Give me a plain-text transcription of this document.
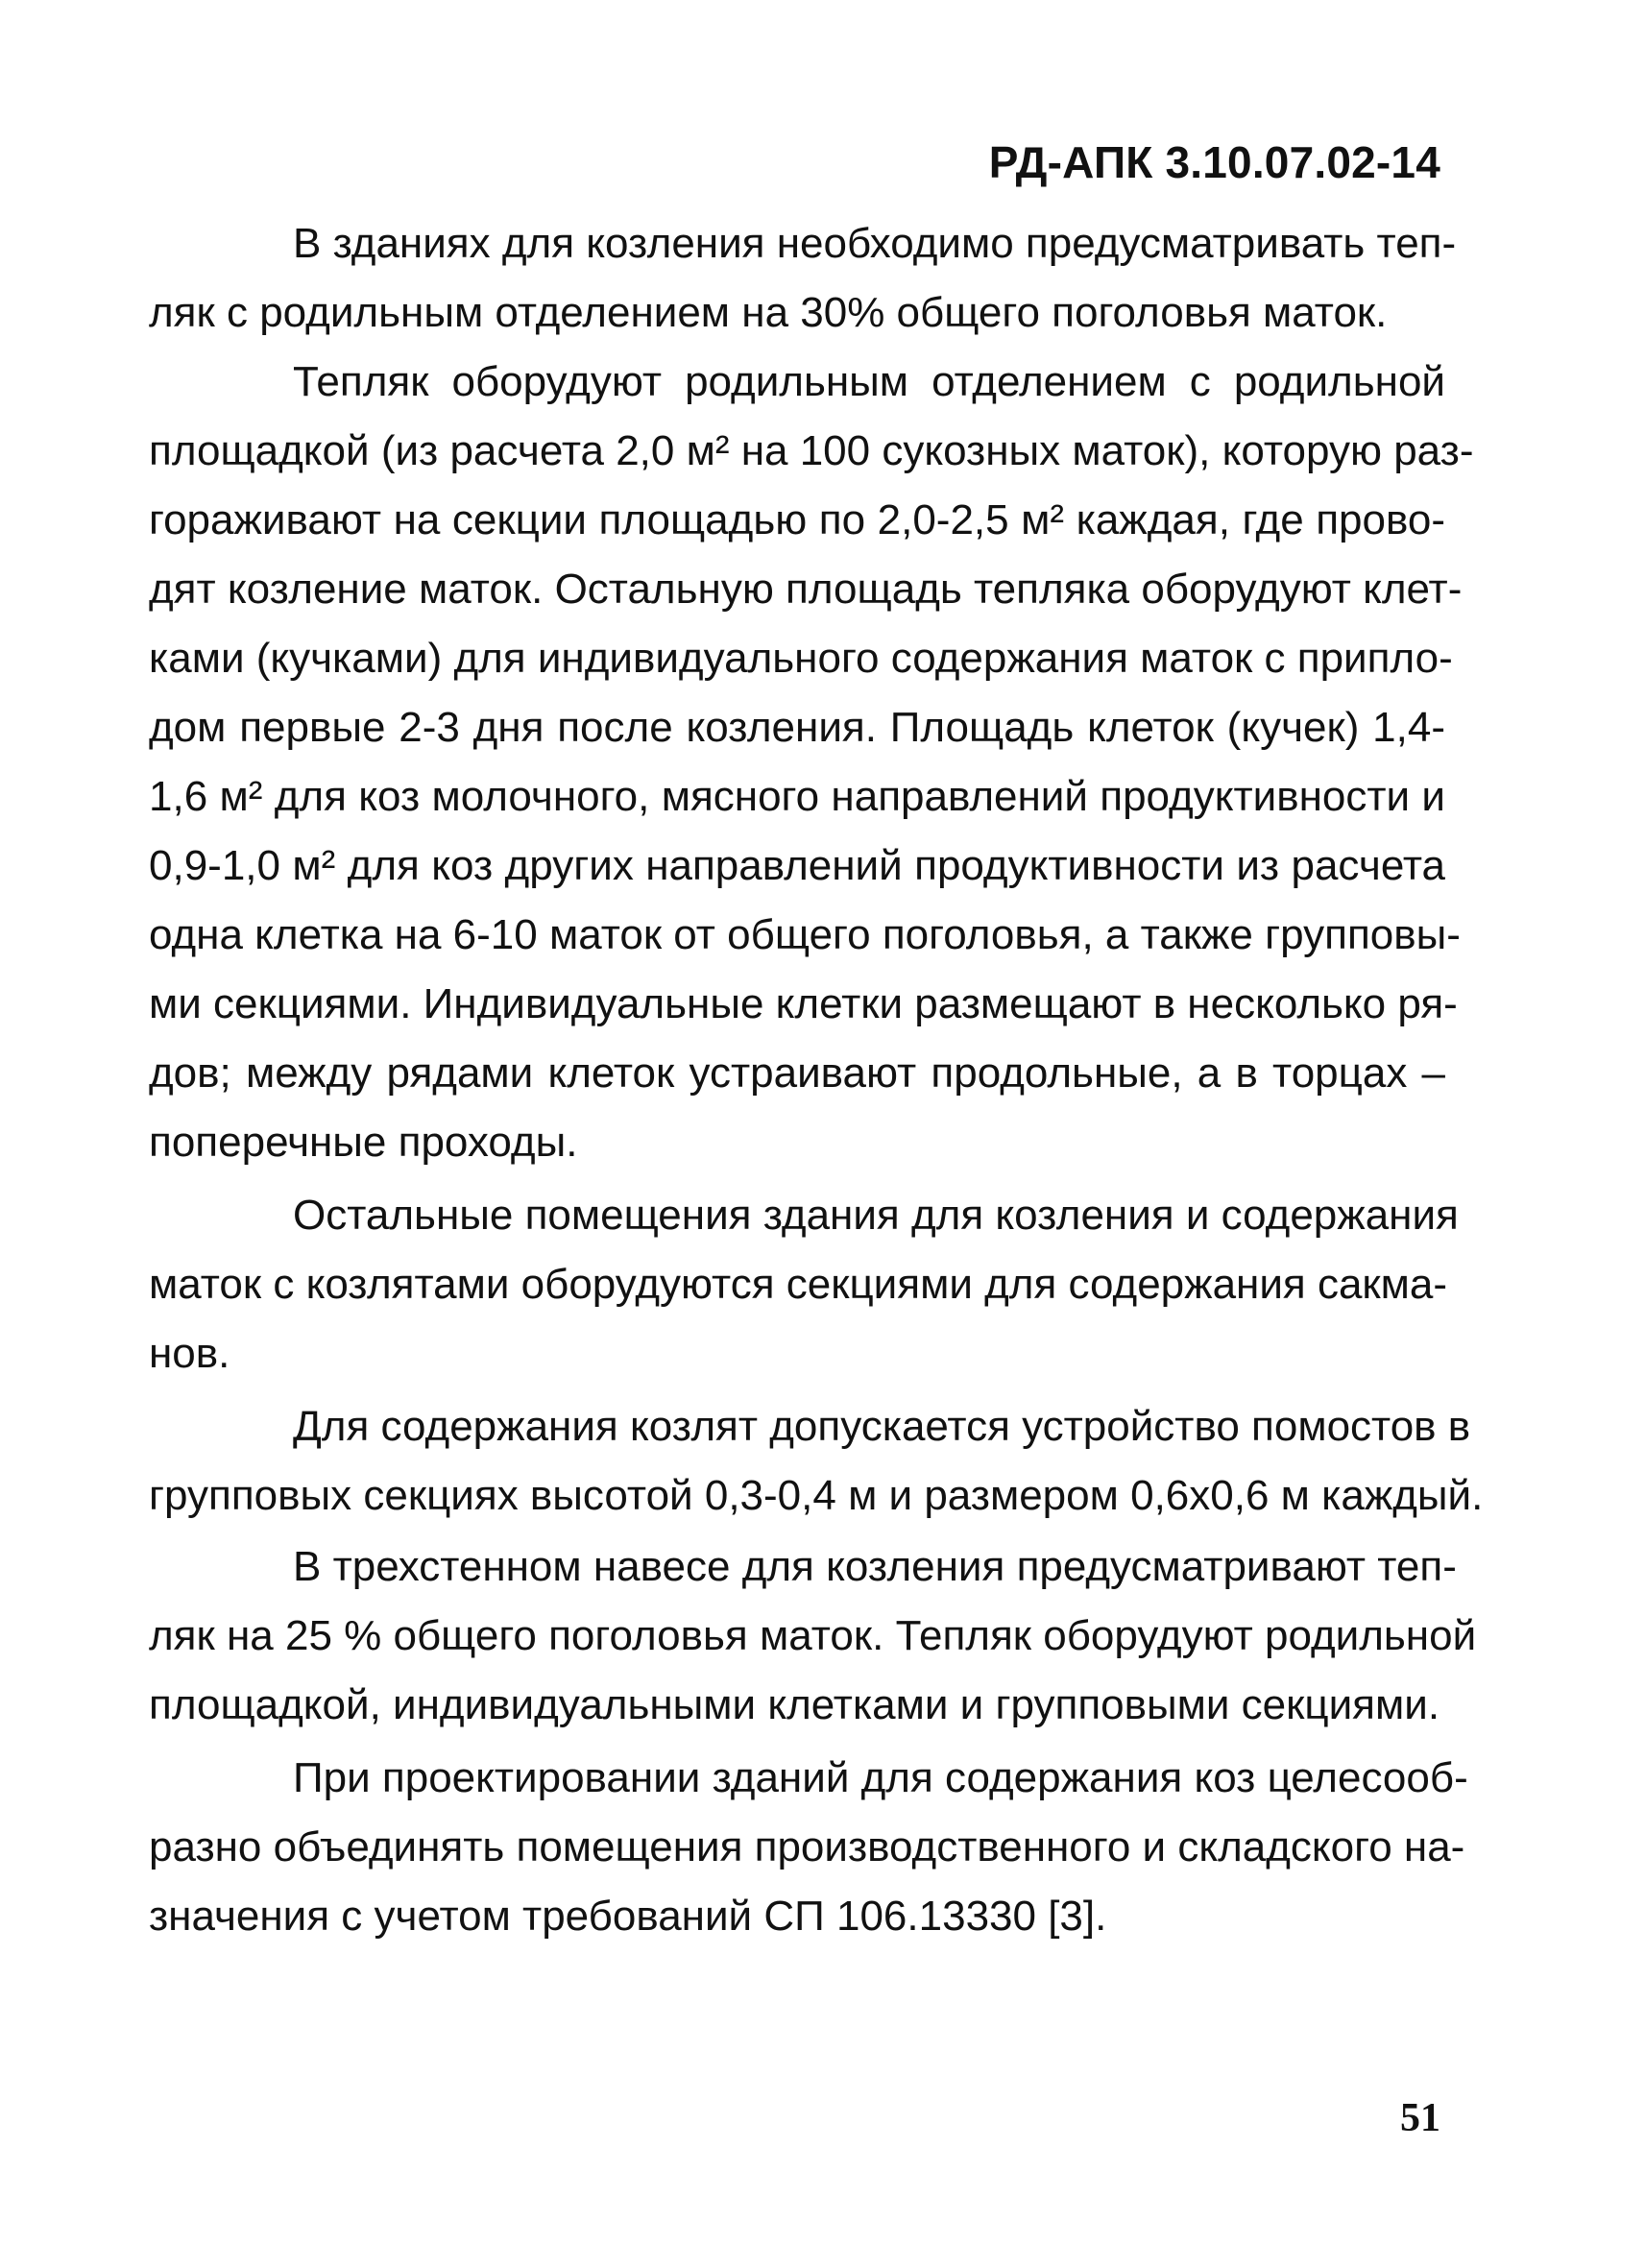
РД-АПК 3.10.07.02-14
В зданиях для козления необходимо предусматривать теп-
ляк с родильным отделением на 30% общего поголовья маток.
Тепляк оборудуют родильным отделением с родильной
площадкой (из расчета 2,0 м² на 100 сукозных маток), которую раз-
гораживают на секции площадью по 2,0-2,5 м² каждая, где прово-
дят козление маток. Остальную площадь тепляка оборудуют клет-
ками (кучками) для индивидуального содержания маток с припло-
дом первые 2-3 дня после козления. Площадь клеток (кучек) 1,4-
1,6 м² для коз молочного, мясного направлений продуктивности и
0,9-1,0 м² для коз других направлений продуктивности из расчета
одна клетка на 6-10 маток от общего поголовья, а также групповы-
ми секциями. Индивидуальные клетки размещают в несколько ря-
дов; между рядами клеток устраивают продольные, а в торцах –
поперечные проходы.
Остальные помещения здания для козления и содержания
маток с козлятами оборудуются секциями для содержания сакма-
нов.
Для содержания козлят допускается устройство помостов в
групповых секциях высотой 0,3-0,4 м и размером 0,6х0,6 м каждый.
В трехстенном навесе для козления предусматривают теп-
ляк на 25 % общего поголовья маток. Тепляк оборудуют родильной
площадкой, индивидуальными клетками и групповыми секциями.
При проектировании зданий для содержания коз целесооб-
разно объединять помещения производственного и складского на-
значения с учетом требований СП 106.13330 [3].
51
